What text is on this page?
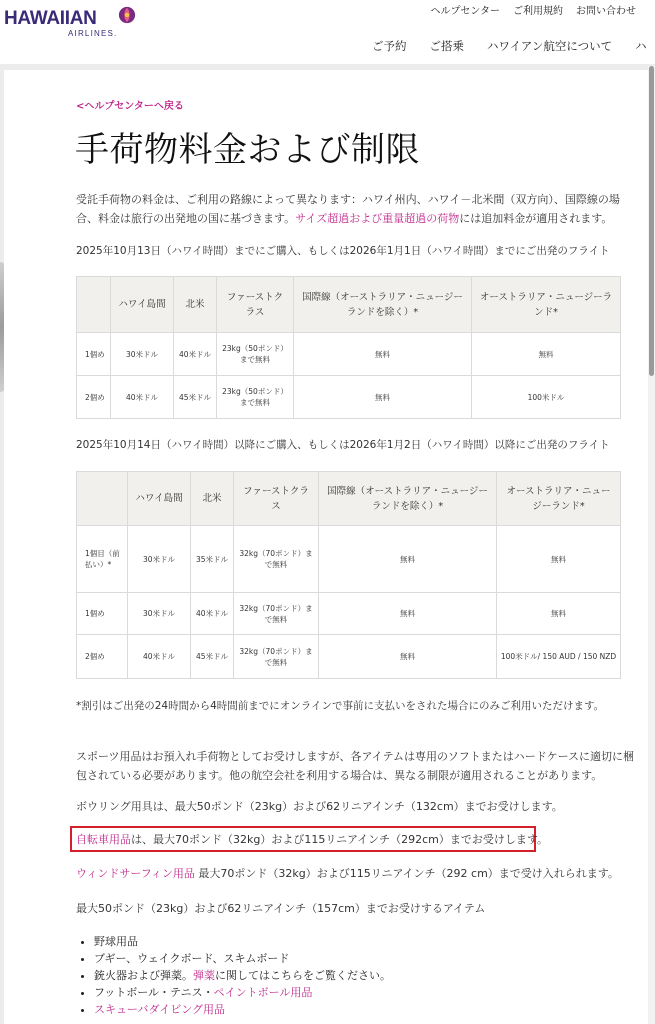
HAWAIIAN
AIRLINES.
ヘルプセンター ご利用規約 お問い合わせ
ご予約 ご搭乗 ハワイアン航空について ハ
<ヘルプセンターへ戻る
手荷物料金および制限
受託手荷物の料金は、ご利用の路線によって異なります：ハワイ州内、ハワイ－北米間（双方向）、国際線の場合、料金は旅行の出発地の国に基づきます。サイズ超過および重量超過の荷物には追加料金が適用されます。
2025年10月13日（ハワイ時間）までにご購入、もしくは2026年1月1日（ハワイ時間）までにご出発のフライト
	ハワイ島間	北米	ファーストクラス	国際線（オーストラリア・ニュージーランドを除く）*	オーストラリア・ニュージーランド*
1個め	30米ドル	40米ドル	23kg（50ポンド）まで無料	無料	無料
2個め	40米ドル	45米ドル	23kg（50ポンド）まで無料	無料	100米ドル
2025年10月14日（ハワイ時間）以降にご購入、もしくは2026年1月2日（ハワイ時間）以降にご出発のフライト
	ハワイ島間	北米	ファーストクラス	国際線（オーストラリア・ニュージーランドを除く）*	オーストラリア・ニュージーランド*
1個目（前払い）*	30米ドル	35米ドル	32kg（70ポンド）まで無料	無料	無料
1個め	30米ドル	40米ドル	32kg（70ポンド）まで無料	無料	無料
2個め	40米ドル	45米ドル	32kg（70ポンド）まで無料	無料	100米ドル/ 150 AUD / 150 NZD
*割引はご出発の24時間から4時間前までにオンラインで事前に支払いをされた場合にのみご利用いただけます。
スポーツ用品はお預入れ手荷物としてお受けしますが、各アイテムは専用のソフトまたはハードケースに適切に梱包されている必要があります。他の航空会社を利用する場合は、異なる制限が適用されることがあります。
ボウリング用具は、最大50ポンド（23kg）および62リニアインチ（132cm）までお受けします。
自転車用品は、最大70ポンド（32kg）および115リニアインチ（292cm）までお受けします。
ウィンドサーフィン用品 最大70ポンド（32kg）および115リニアインチ（292 cm）まで受け入れられます。
最大50ポンド（23kg）および62リニアインチ（157cm）までお受けするアイテム
• 野球用品
• ブギー、ウェイクボード、スキムボード
• 銃火器および弾薬。弾薬に関してはこちらをご覧ください。
• フットボール・テニス・ペイントボール用品
• スキューバダイビング用品
